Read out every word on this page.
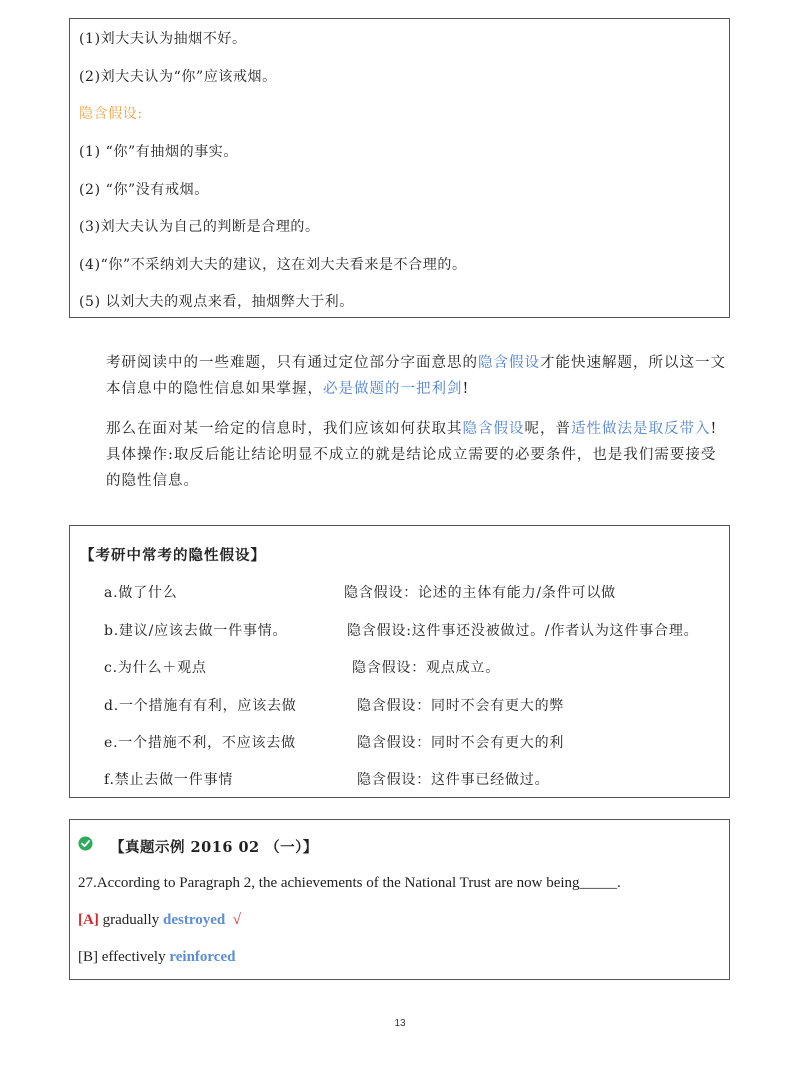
(1)刘大夫认为抽烟不好。
(2)刘大夫认为“你”应该戒烟。
隐含假设:
(1) “你”有抽烟的事实。
(2) “你”没有戒烟。
(3)刘大夫认为自己的判断是合理的。
(4)“你”不采纳刘大夫的建议，这在刘大夫看来是不合理的。
(5) 以刘大夫的观点来看，抽烟弊大于利。
考研阅读中的一些难题，只有通过定位部分字面意思的隐含假设才能快速解题，所以这一文本信息中的隐性信息如果掌握，必是做题的一把利剑!
那么在面对某一给定的信息时，我们应该如何获取其隐含假设呢，普适性做法是取反带入!具体操作:取反后能让结论明显不成立的就是结论成立需要的必要条件，也是我们需要接受的隐性信息。
【考研中常考的隐性假设】
a.做了什么	隐含假设：论述的主体有能力/条件可以做
b.建议/应该去做一件事情。	隐含假设:这件事还没被做过。/作者认为这件事合理。
c.为什么＋观点	隐含假设：观点成立。
d.一个措施有有利，应该去做	隐含假设：同时不会有更大的弊
e.一个措施不利，不应该去做	隐含假设：同时不会有更大的利
f.禁止去做一件事情	隐含假设：这件事已经做过。
【真题示例 2016 02 （一）】
27.According to Paragraph 2, the achievements of the National Trust are now being_____.
[A] gradually destroyed √
[B] effectively reinforced
13
